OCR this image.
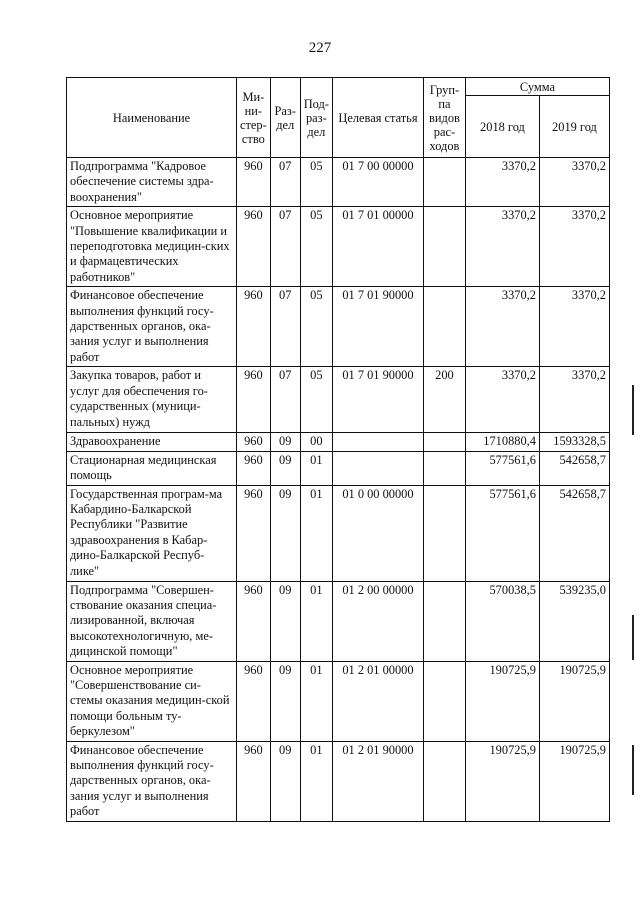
227
Наименование	Ми-ни-стер-ство	Раз-дел	Под-раз-дел	Целевая статья	Груп-па видов рас-ходов	Сумма	
						2018 год	2019 год
Подпрограмма "Кадровое обеспечение системы здра-воохранения"	960	07	05	01 7 00 00000		3370,2	3370,2
Основное мероприятие "Повышение квалификации и переподготовка медицин-ских и фармацевтических работников"	960	07	05	01 7 01 00000		3370,2	3370,2
Финансовое обеспечение выполнения функций госу-дарственных органов, ока-зания услуг и выполнения работ	960	07	05	01 7 01 90000		3370,2	3370,2
Закупка товаров, работ и услуг для обеспечения го-сударственных (муници-пальных) нужд	960	07	05	01 7 01 90000	200	3370,2	3370,2
Здравоохранение	960	09	00			1710880,4	1593328,5
Стационарная медицинская помощь	960	09	01			577561,6	542658,7
Государственная програм-ма Кабардино-Балкарской Республики "Развитие здравоохранения в Кабар-дино-Балкарской Респуб-лике"	960	09	01	01 0 00 00000		577561,6	542658,7
Подпрограмма "Совершен-ствование оказания специа-лизированной, включая высокотехнологичную, ме-дицинской помощи"	960	09	01	01 2 00 00000		570038,5	539235,0
Основное мероприятие "Совершенствование си-стемы оказания медицин-ской помощи больным ту-беркулезом"	960	09	01	01 2 01 00000		190725,9	190725,9
Финансовое обеспечение выполнения функций госу-дарственных органов, ока-зания услуг и выполнения работ	960	09	01	01 2 01 90000		190725,9	190725,9
